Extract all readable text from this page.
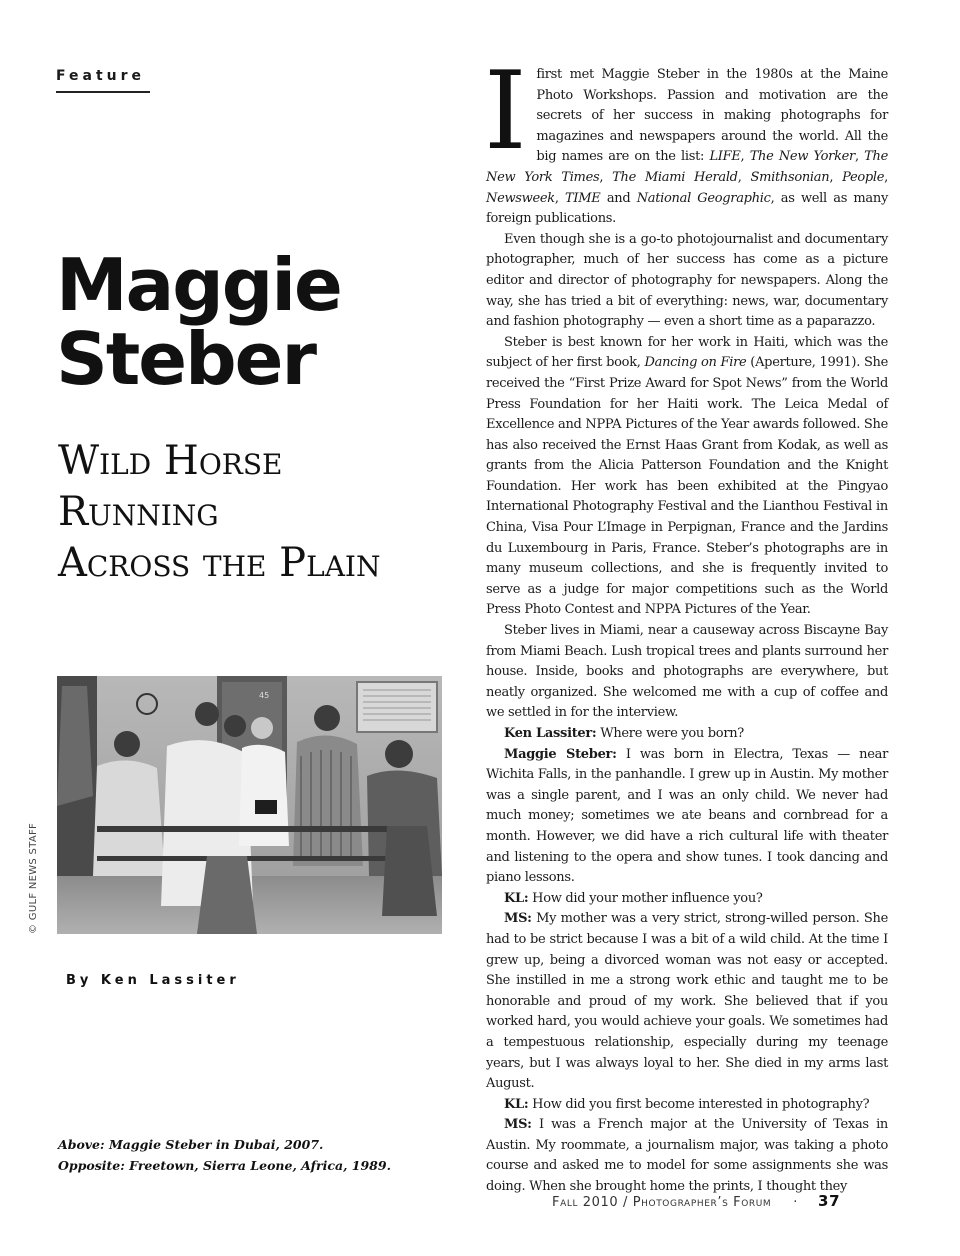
Feature
Maggie
Steber
Wild Horse
Running
Across the Plain
45
© GULF NEWS STAFF
By Ken Lassiter
Above: Maggie Steber in Dubai, 2007.
Opposite: Freetown, Sierra Leone, Africa, 1989.

I first met Maggie Steber in the 1980s at the Maine Photo Workshops. Passion and motivation are the secrets of her success in making photographs for magazines and newspapers around the world. All the big names are on the list: LIFE, The New Yorker, The New York Times, The Miami Herald, Smithsonian, People, Newsweek, TIME and National Geographic, as well as many foreign publications.

Even though she is a go-to photojournalist and documentary photographer, much of her success has come as a picture editor and director of photography for newspapers. Along the way, she has tried a bit of everything: news, war, documentary and fashion photography — even a short time as a paparazzo.

Steber is best known for her work in Haiti, which was the subject of her first book, Dancing on Fire (Aperture, 1991). She received the “First Prize Award for Spot News” from the World Press Foundation for her Haiti work. The Leica Medal of Excellence and NPPA Pictures of the Year awards followed. She has also received the Ernst Haas Grant from Kodak, as well as grants from the Alicia Patterson Foundation and the Knight Foundation. Her work has been exhibited at the Pingyao International Photography Festival and the Lianthou Festival in China, Visa Pour L’Image in Perpignan, France and the Jardins du Luxembourg in Paris, France. Steber’s photographs are in many museum collections, and she is frequently invited to serve as a judge for major competitions such as the World Press Photo Contest and NPPA Pictures of the Year.

Steber lives in Miami, near a causeway across Biscayne Bay from Miami Beach. Lush tropical trees and plants surround her house. Inside, books and photographs are everywhere, but neatly organized. She welcomed me with a cup of coffee and we settled in for the interview.

Ken Lassiter: Where were you born?

Maggie Steber: I was born in Electra, Texas — near Wichita Falls, in the panhandle. I grew up in Austin. My mother was a single parent, and I was an only child. We never had much money; sometimes we ate beans and cornbread for a month. However, we did have a rich cultural life with theater and listening to the opera and show tunes. I took dancing and piano lessons.

KL: How did your mother influence you?

MS: My mother was a very strict, strong-willed person. She had to be strict because I was a bit of a wild child. At the time I grew up, being a divorced woman was not easy or accepted. She instilled in me a strong work ethic and taught me to be honorable and proud of my work. She believed that if you worked hard, you would achieve your goals. We sometimes had a tempestuous relationship, especially during my teenage years, but I was always loyal to her. She died in my arms last August.

KL: How did you first become interested in photography?

MS: I was a French major at the University of Texas in Austin. My roommate, a journalism major, was taking a photo course and asked me to model for some assignments she was doing. When she brought home the prints, I thought they

Fall 2010 / Photographer’s Forum · 37
